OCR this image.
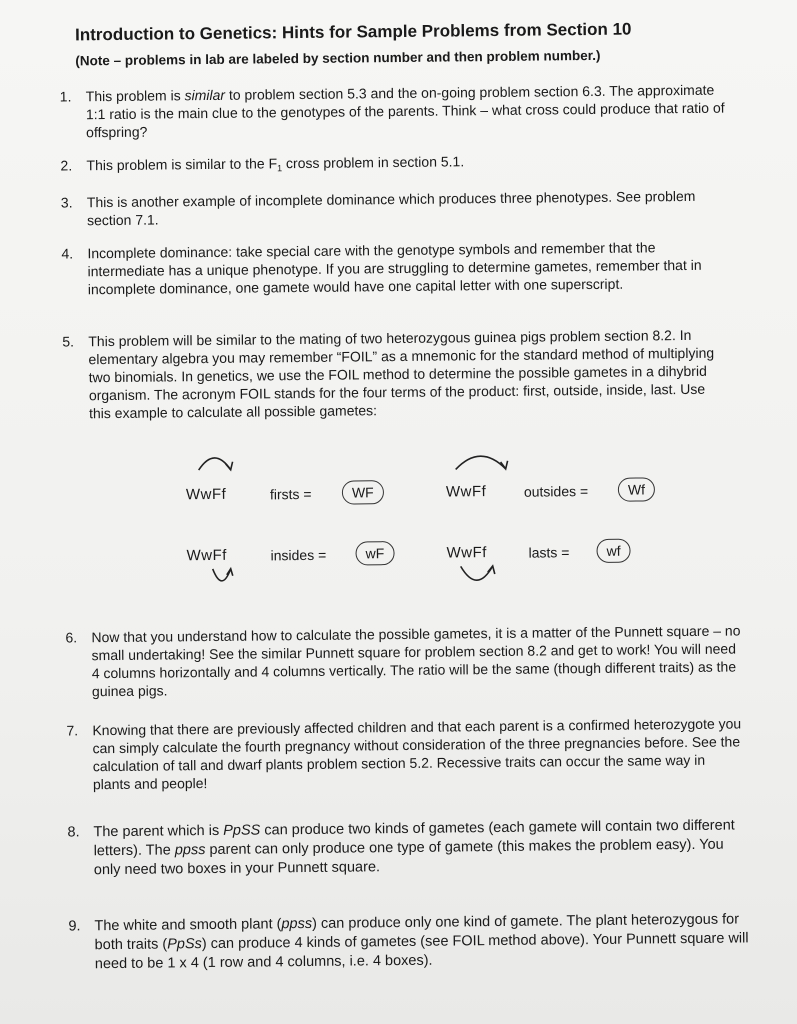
Introduction to Genetics: Hints for Sample Problems from Section 10
(Note – problems in lab are labeled by section number and then problem number.)
1. This problem is similar to problem section 5.3 and the on-going problem section 6.3. The approximate 1:1 ratio is the main clue to the genotypes of the parents. Think – what cross could produce that ratio of offspring?
2. This problem is similar to the $F_1$ cross problem in section 5.1.
3. This is another example of incomplete dominance which produces three phenotypes. See problem section 7.1.
4. Incomplete dominance: take special care with the genotype symbols and remember that the intermediate has a unique phenotype. If you are struggling to determine gametes, remember that in incomplete dominance, one gamete would have one capital letter with one superscript.
5. This problem will be similar to the mating of two heterozygous guinea pigs problem section 8.2. In elementary algebra you may remember “FOIL” as a mnemonic for the standard method of multiplying two binomials. In genetics, we use the FOIL method to determine the possible gametes in a dihybrid organism. The acronym FOIL stands for the four terms of the product: first, outside, inside, last. Use this example to calculate all possible gametes:
WwFf	firsts =	WF	WwFf	outsides =	Wf
WwFf	insides =	wF	WwFf	lasts =	wf
6. Now that you understand how to calculate the possible gametes, it is a matter of the Punnett square – no small undertaking! See the similar Punnett square for problem section 8.2 and get to work! You will need 4 columns horizontally and 4 columns vertically. The ratio will be the same (though different traits) as the guinea pigs.
7. Knowing that there are previously affected children and that each parent is a confirmed heterozygote you can simply calculate the fourth pregnancy without consideration of the three pregnancies before. See the calculation of tall and dwarf plants problem section 5.2. Recessive traits can occur the same way in plants and people!
8. The parent which is PpSS can produce two kinds of gametes (each gamete will contain two different letters). The ppss parent can only produce one type of gamete (this makes the problem easy). You only need two boxes in your Punnett square.
9. The white and smooth plant (ppss) can produce only one kind of gamete. The plant heterozygous for both traits (PpSs) can produce 4 kinds of gametes (see FOIL method above). Your Punnett square will need to be 1 x 4 (1 row and 4 columns, i.e. 4 boxes).
